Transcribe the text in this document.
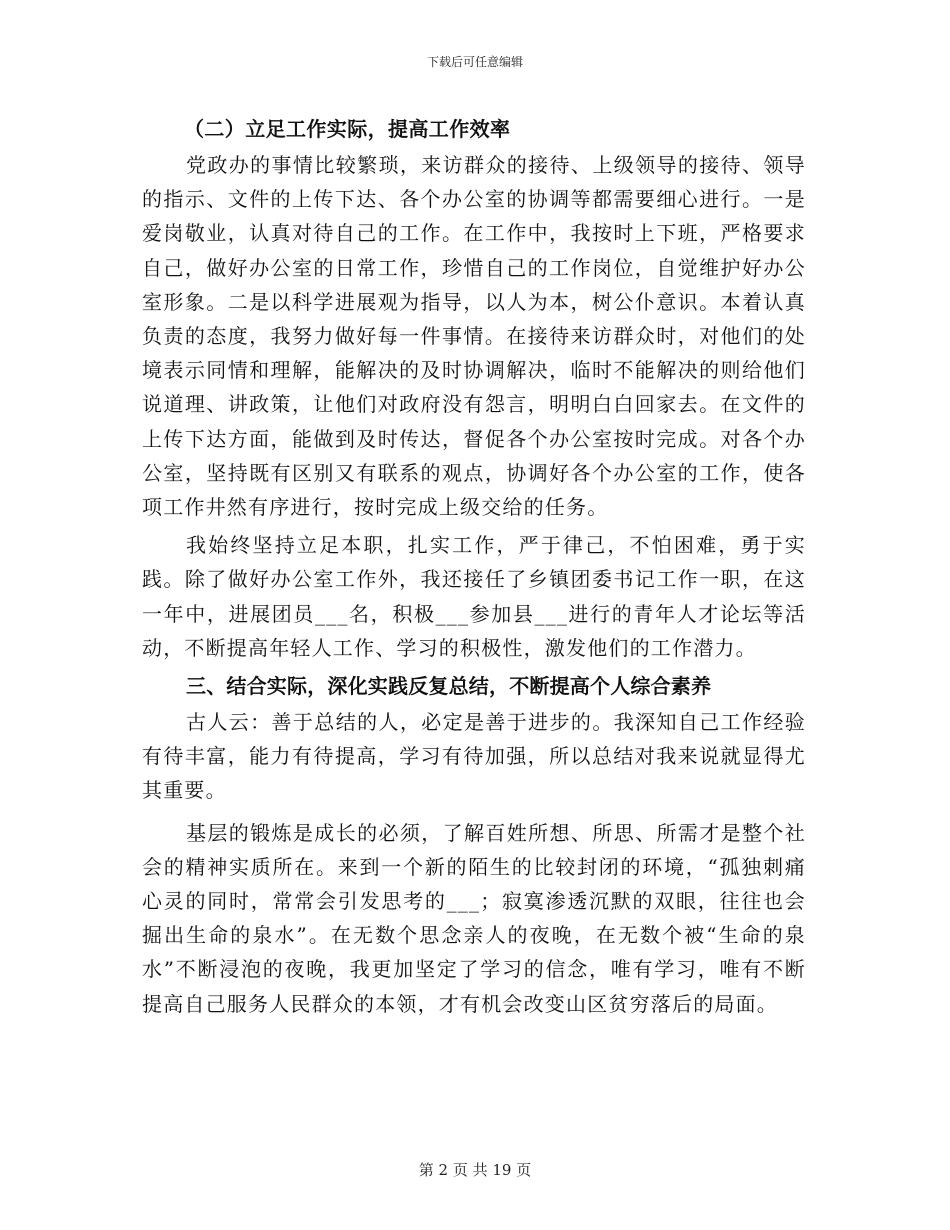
下载后可任意编辑
（二）立足工作实际，提高工作效率

党政办的事情比较繁琐，来访群众的接待、上级领导的接待、领导的指示、文件的上传下达、各个办公室的协调等都需要细心进行。一是爱岗敬业，认真对待自己的工作。在工作中，我按时上下班，严格要求自己，做好办公室的日常工作，珍惜自己的工作岗位，自觉维护好办公室形象。二是以科学进展观为指导，以人为本，树公仆意识。本着认真负责的态度，我努力做好每一件事情。在接待来访群众时，对他们的处境表示同情和理解，能解决的及时协调解决，临时不能解决的则给他们说道理、讲政策，让他们对政府没有怨言，明明白白回家去。在文件的上传下达方面，能做到及时传达，督促各个办公室按时完成。对各个办公室，坚持既有区别又有联系的观点，协调好各个办公室的工作，使各项工作井然有序进行，按时完成上级交给的任务。

我始终坚持立足本职，扎实工作，严于律己，不怕困难，勇于实践。除了做好办公室工作外，我还接任了乡镇团委书记工作一职，在这一年中，进展团员___名，积极___参加县___进行的青年人才论坛等活动，不断提高年轻人工作、学习的积极性，激发他们的工作潜力。

三、结合实际，深化实践反复总结，不断提高个人综合素养

古人云：善于总结的人，必定是善于进步的。我深知自己工作经验有待丰富，能力有待提高，学习有待加强，所以总结对我来说就显得尤其重要。

基层的锻炼是成长的必须，了解百姓所想、所思、所需才是整个社会的精神实质所在。来到一个新的陌生的比较封闭的环境，“孤独刺痛心灵的同时，常常会引发思考的___；寂寞渗透沉默的双眼，往往也会掘出生命的泉水”。在无数个思念亲人的夜晚，在无数个被“生命的泉水”不断浸泡的夜晚，我更加坚定了学习的信念，唯有学习，唯有不断提高自己服务人民群众的本领，才有机会改变山区贫穷落后的局面。

第 2 页 共 19 页
